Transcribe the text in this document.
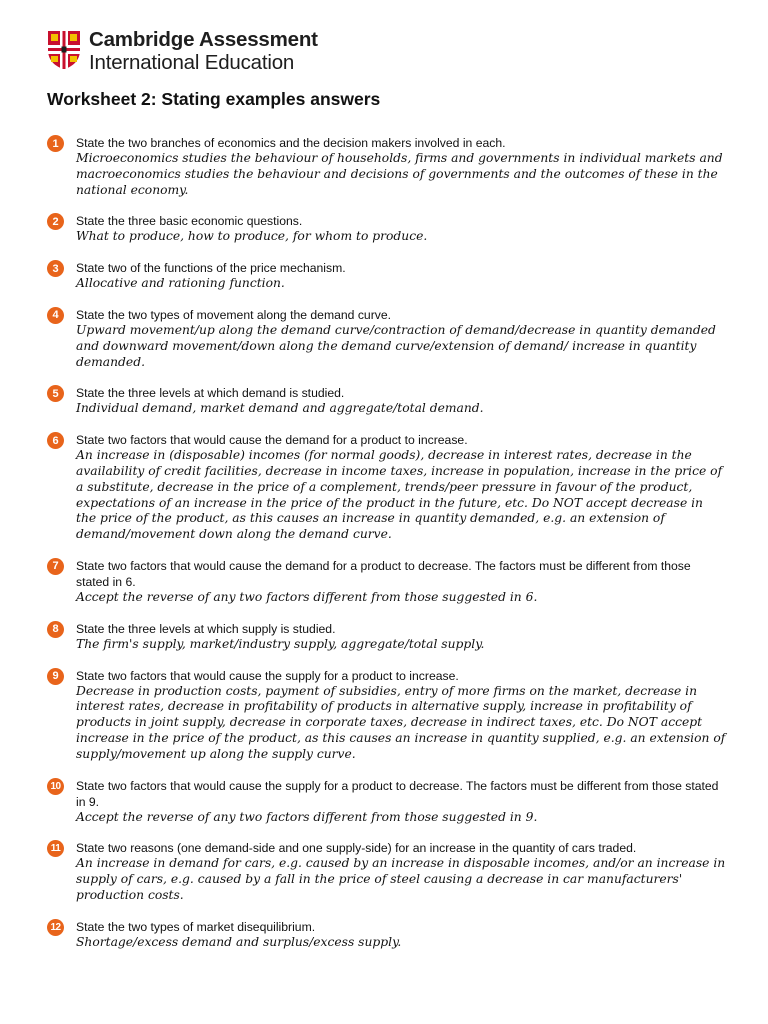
Cambridge Assessment
International Education
Worksheet 2: Stating examples answers
1	State the two branches of economics and the decision makers involved in each.
Microeconomics studies the behaviour of households, firms and governments in individual markets and macroeconomics studies the behaviour and decisions of governments and the outcomes of these in the national economy.
2	State the three basic economic questions.
What to produce, how to produce, for whom to produce.
3	State two of the functions of the price mechanism.
Allocative and rationing function.
4	State the two types of movement along the demand curve.
Upward movement/up along the demand curve/contraction of demand/decrease in quantity demanded and downward movement/down along the demand curve/extension of demand/ increase in quantity demanded.
5	State the three levels at which demand is studied.
Individual demand, market demand and aggregate/total demand.
6	State two factors that would cause the demand for a product to increase.
An increase in (disposable) incomes (for normal goods), decrease in interest rates, decrease in the availability of credit facilities, decrease in income taxes, increase in population, increase in the price of a substitute, decrease in the price of a complement, trends/peer pressure in favour of the product, expectations of an increase in the price of the product in the future, etc. Do NOT accept decrease in the price of the product, as this causes an increase in quantity demanded, e.g. an extension of demand/movement down along the demand curve.
7	State two factors that would cause the demand for a product to decrease. The factors must be different from those stated in 6.
Accept the reverse of any two factors different from those suggested in 6.
8	State the three levels at which supply is studied.
The firm's supply, market/industry supply, aggregate/total supply.
9	State two factors that would cause the supply for a product to increase.
Decrease in production costs, payment of subsidies, entry of more firms on the market, decrease in interest rates, decrease in profitability of products in alternative supply, increase in profitability of products in joint supply, decrease in corporate taxes, decrease in indirect taxes, etc. Do NOT accept increase in the price of the product, as this causes an increase in quantity supplied, e.g. an extension of supply/movement up along the supply curve.
10 State two factors that would cause the supply for a product to decrease. The factors must be different from those stated in 9.
Accept the reverse of any two factors different from those suggested in 9.
11	State two reasons (one demand-side and one supply-side) for an increase in the quantity of cars traded.
An increase in demand for cars, e.g. caused by an increase in disposable incomes, and/or an increase in supply of cars, e.g. caused by a fall in the price of steel causing a decrease in car manufacturers' production costs.
12 State the two types of market disequilibrium.
Shortage/excess demand and surplus/excess supply.
